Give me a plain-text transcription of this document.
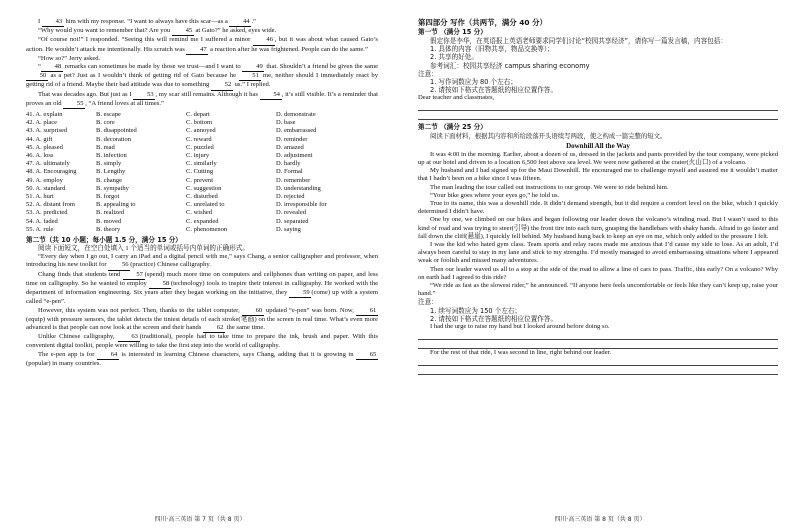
I 43 him with my response. “I want to always have this scar—as a 44 .”

“Why would you want to remember that? Are you 45 at Gato?” he asked, eyes wide.

“Of course not!” I responded. “Seeing this will remind me I suffered a minor 46 , but it was about what caused Gato’s action. He wouldn’t attack me intentionally. His scratch was 47 a reaction after he was frightened. People can do the same.”

“How so?” Jerry asked.

“ 48 remarks can sometimes be made by those we trust—and I want to 49 that. Shouldn’t a friend be given the same 50 as a pet? Just as I wouldn’t think of getting rid of Gato because he 51 me, neither should I immediately react by getting rid of a friend. Maybe their bad attitude was due to something 52 us.” I replied.

That was decades ago. But just as I 53 , my scar still remains. Although it has 54 , it’s still visible. It’s a reminder that proves an old 55 , “A friend loves at all times.”

41. A. explain	B. escape	C. depart	D. demonstrate
42. A. place	B. core	C. bottom	D. base
43. A. surprised	B. disappointed	C. annoyed	D. embarrassed
44. A. gift	B. decoration	C. reward	D. reminder
45. A. pleased	B. mad	C. puzzled	D. amazed
46. A. loss	B. infection	C. injury	D. adjustment
47. A. ultimately	B. simply	C. similarly	D. hardly
48. A. Encouraging	B. Lengthy	C. Cutting	D. Formal
49. A. employ	B. change	C. prevent	D. remember
50. A. standard	B. sympathy	C. suggestion	D. understanding
51. A. hurt	B. forgot	C. disturbed	D. rejected
52. A. distant from	B. appealing to	C. unrelated to	D. irresponsible for
53. A. predicted	B. realized	C. wished	D. revealed
54. A. faded	B. moved	C. expanded	D. separated
55. A. rule	B. theory	C. phenomenon	D. saying
第二节（共 10 小题；每小题 1.5 分，满分 15 分）

阅读下面短文，在空白处填入 1 个适当的单词或括号内单词的正确形式。

“Every day when I go out, I carry an iPad and a digital pencil with me,” says Chang, a senior calligrapher and professor, when introducing his new toolkit for 56 (practice) Chinese calligraphy.

Chang finds that students tend 57 (spend) much more time on computers and cellphones than writing on paper, and less time on calligraphy. So he wanted to employ 58 (technology) tools to inspire their interest in calligraphy. He worked with the department of information engineering. Six years after they began working on the initiative, they 59 (come) up with a system called “e-pen”.

However, this system was not perfect. Then, thanks to the tablet computer, 60 updated “e-pen” was born. Now, 61(equip) with pressure sensors, the tablet detects the tiniest details of each stroke(笔画) on the screen in real time. What’s even more advanced is that people can now look at the screen and their hands 62 the same time.

Unlike Chinese calligraphy, 63 (traditional), people had to take time to prepare the ink, brush and paper. With this convenient digital toolkit, people were willing to take the first step into the world of calligraphy.

The e-pen app is for 64 is interested in learning Chinese characters, says Chang, adding that it is growing in 65(popular) in many countries.

四川·高三英语 第 7 页（共 8 页）
第四部分 写作（共两节，满分 40 分）
第一节 （满分 15 分）
假定你是李华，在英语报上英语老师要求同学们讨论“校园共享经济”，请你写一篇发言稿，内容包括：
1. 具体的内容（旧物共享，物品交换等）；
2. 共享的好处。
参考词汇：校园共享经济 campus sharing economy
注意：
1. 写作词数应为 80 个左右；
2. 请按如下格式在答题纸的相应位置作答。
Dear teacher and classmates,
第二节 （满分 25 分）

阅读下面材料，根据其内容和所给段落开头语续写两段，使之构成一篇完整的短文。

Downhill All the Way

It was 4:00 in the morning. Earlier, about a dozen of us, dressed in the jackets and pants provided by the tour company, were picked up at our hotel and driven to a location 6,500 feet above sea level. We were now gathered at the crater(火山口) of a volcano.

My husband and I had signed up for the Maui Downhill. He encouraged me to challenge myself and assured me it wouldn’t matter that I hadn’t been on a bike since I was fifteen.

The man leading the tour called out instructions to our group. We were to ride behind him.

“Your bike goes where your eyes go,” he told us.

True to its name, this was a downhill ride. It didn’t demand strength, but it did require a comfort level on the bike, which I quickly determined I didn’t have.

One by one, we climbed on our bikes and began following our leader down the volcano’s winding road. But I wasn’t used to this kind of road and was trying to steer(引导) the front tire into each turn, grasping the handlebars with shaky hands. Afraid to go faster and fall down the cliff(悬崖), I quickly fell behind. My husband hung back to keep an eye on me, which only added to the pressure I felt.

I was the kid who hated gym class. Team sports and relay races made me anxious that I’d cause my side to lose. As an adult, I’d always been careful to stay in my lane and stick to my strengths. I’d mostly managed to avoid embarrassing situations where I appeared weak or foolish and missed many adventures.

Then our leader waved us all to a stop at the side of the road to allow a line of cars to pass. Traffic, this early? On a volcano? Why on earth had I agreed to this ride?

“We ride as fast as the slowest rider,” he announced. “If anyone here feels uncomfortable or feels like they can’t keep up, raise your hand.”

注意：
1. 续写词数应为 150 个左右；
2. 请按如下格式在答题纸的相应位置作答。

I had the urge to raise my hand but I looked around before doing so.

For the rest of that ride, I was second in line, right behind our leader.

四川·高三英语 第 8 页（共 8 页）
